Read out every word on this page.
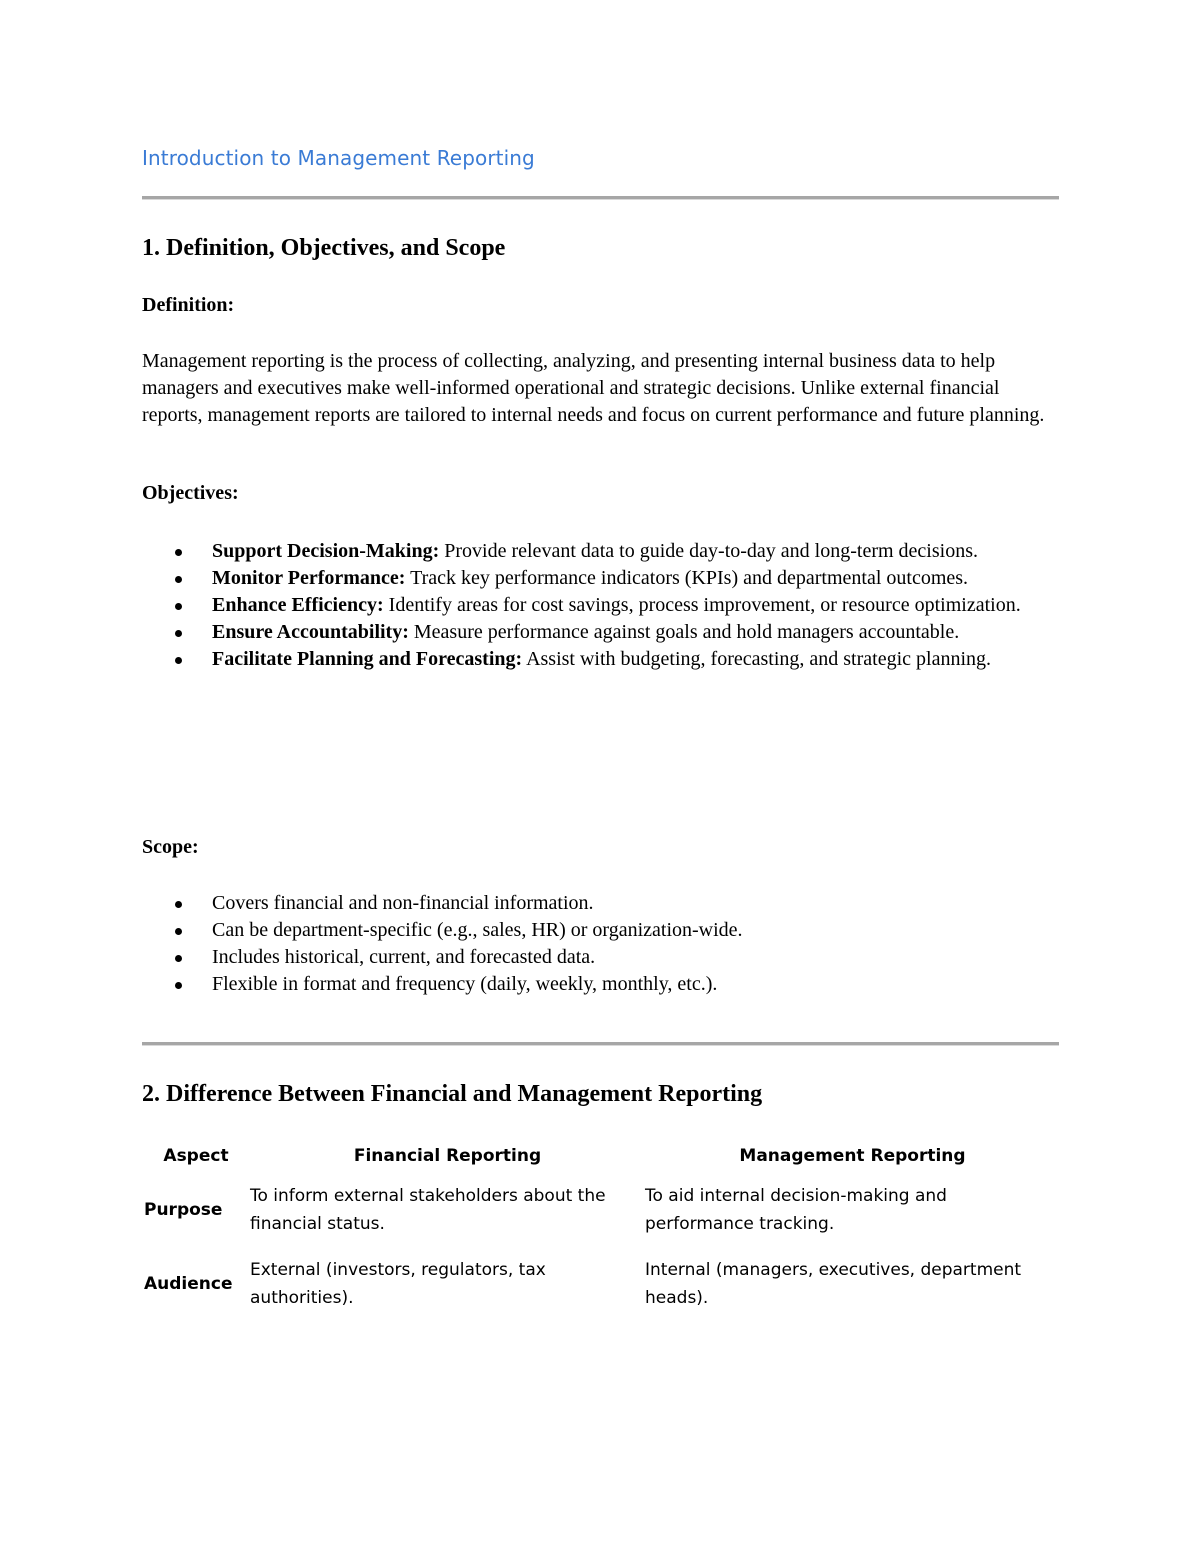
Introduction to Management Reporting
1. Definition, Objectives, and Scope
Definition:
Management reporting is the process of collecting, analyzing, and presenting internal business data to help managers and executives make well-informed operational and strategic decisions. Unlike external financial reports, management reports are tailored to internal needs and focus on current performance and future planning.
Objectives:
Support Decision-Making: Provide relevant data to guide day-to-day and long-term decisions.
Monitor Performance: Track key performance indicators (KPIs) and departmental outcomes.
Enhance Efficiency: Identify areas for cost savings, process improvement, or resource optimization.
Ensure Accountability: Measure performance against goals and hold managers accountable.
Facilitate Planning and Forecasting: Assist with budgeting, forecasting, and strategic planning.
Scope:
Covers financial and non-financial information.
Can be department-specific (e.g., sales, HR) or organization-wide.
Includes historical, current, and forecasted data.
Flexible in format and frequency (daily, weekly, monthly, etc.).
2. Difference Between Financial and Management Reporting
Aspect	Financial Reporting	Management Reporting
Purpose	To inform external stakeholders about the financial status.	To aid internal decision-making and performance tracking.
Audience	External (investors, regulators, tax authorities).	Internal (managers, executives, department heads).
